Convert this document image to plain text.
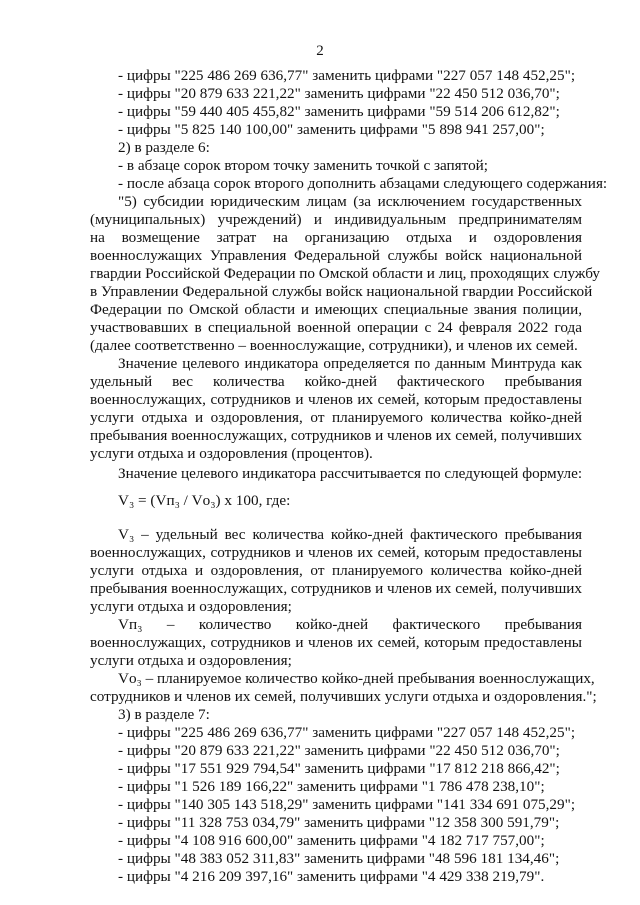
2
- цифры "225 486 269 636,77" заменить цифрами "227 057 148 452,25";
- цифры "20 879 633 221,22" заменить цифрами "22 450 512 036,70";
- цифры "59 440 405 455,82" заменить цифрами "59 514 206 612,82";
- цифры "5 825 140 100,00" заменить цифрами "5 898 941 257,00";
2) в разделе 6:
- в абзаце сорок втором точку заменить точкой с запятой;
- после абзаца сорок второго дополнить абзацами следующего содержания:
"5) субсидии юридическим лицам (за исключением государственных
(муниципальных) учреждений) и индивидуальным предпринимателям
на возмещение затрат на организацию отдыха и оздоровления
военнослужащих Управления Федеральной службы войск национальной
гвардии Российской Федерации по Омской области и лиц, проходящих службу
в Управлении Федеральной службы войск национальной гвардии Российской
Федерации по Омской области и имеющих специальные звания полиции,
участвовавших в специальной военной операции с 24 февраля 2022 года
(далее соответственно – военнослужащие, сотрудники), и членов их семей.
Значение целевого индикатора определяется по данным Минтруда как
удельный вес количества койко-дней фактического пребывания
военнослужащих, сотрудников и членов их семей, которым предоставлены
услуги отдыха и оздоровления, от планируемого количества койко-дней
пребывания военнослужащих, сотрудников и членов их семей, получивших
услуги отдыха и оздоровления (процентов).
Значение целевого индикатора рассчитывается по следующей формуле:
V₃ = (Vп₃ / Vо₃) x 100, где:
V₃ – удельный вес количества койко-дней фактического пребывания
военнослужащих, сотрудников и членов их семей, которым предоставлены
услуги отдыха и оздоровления, от планируемого количества койко-дней
пребывания военнослужащих, сотрудников и членов их семей, получивших
услуги отдыха и оздоровления;
Vп₃ – количество койко-дней фактического пребывания
военнослужащих, сотрудников и членов их семей, которым предоставлены
услуги отдыха и оздоровления;
Vо₃ – планируемое количество койко-дней пребывания военнослужащих,
сотрудников и членов их семей, получивших услуги отдыха и оздоровления.";
3) в разделе 7:
- цифры "225 486 269 636,77" заменить цифрами "227 057 148 452,25";
- цифры "20 879 633 221,22" заменить цифрами "22 450 512 036,70";
- цифры "17 551 929 794,54" заменить цифрами "17 812 218 866,42";
- цифры "1 526 189 166,22" заменить цифрами "1 786 478 238,10";
- цифры "140 305 143 518,29" заменить цифрами "141 334 691 075,29";
- цифры "11 328 753 034,79" заменить цифрами "12 358 300 591,79";
- цифры "4 108 916 600,00" заменить цифрами "4 182 717 757,00";
- цифры "48 383 052 311,83" заменить цифрами "48 596 181 134,46";
- цифры "4 216 209 397,16" заменить цифрами "4 429 338 219,79".
